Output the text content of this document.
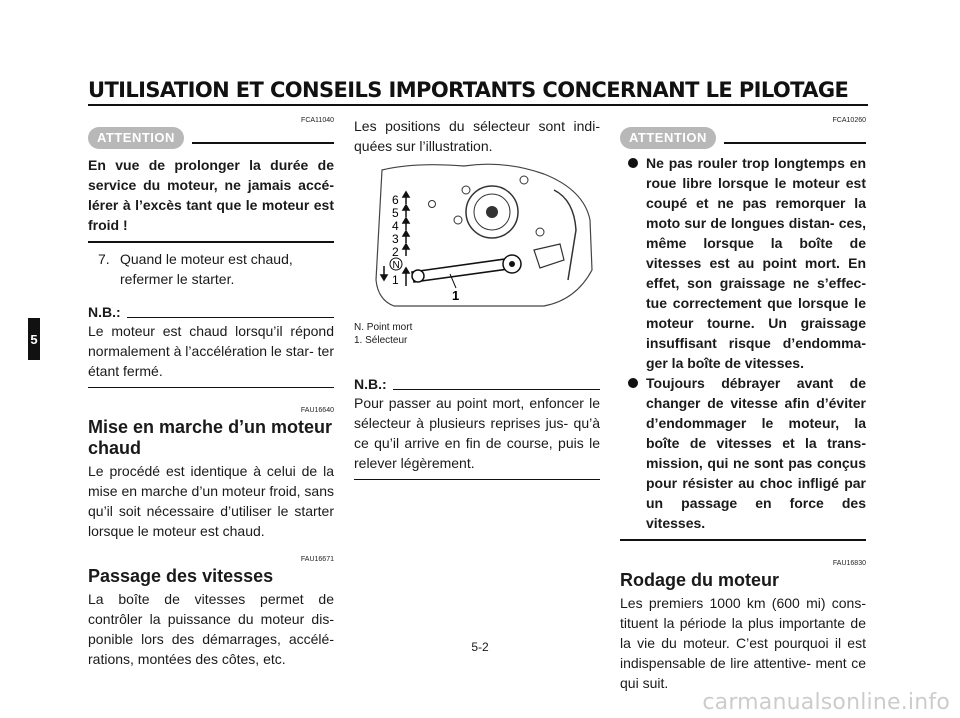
UTILISATION ET CONSEILS IMPORTANTS CONCERNANT LE PILOTAGE
5

FCA11040

ATTENTION

En vue de prolonger la durée de service du moteur, ne jamais accé- lérer à l’excès tant que le moteur est froid !

7. Quand le moteur est chaud, refermer le starter.
N.B.:

Le moteur est chaud lorsqu’il répond normalement à l’accélération le star- ter étant fermé.

FAU16640

Mise en marche d’un moteur chaud

Le procédé est identique à celui de la mise en marche d’un moteur froid, sans qu’il soit nécessaire d’utiliser le starter lorsque le moteur est chaud.

FAU16671

Passage des vitesses

La boîte de vitesses permet de contrôler la puissance du moteur dis- ponible lors des démarrages, accélé- rations, montées des côtes, etc.

Les positions du sélecteur sont indi- quées sur l’illustration.

6
5
4
3
2
N
1
1

N. Point mort

1. Sélecteur

N.B.:

Pour passer au point mort, enfoncer le sélecteur à plusieurs reprises jus- qu’à ce qu’il arrive en fin de course, puis le relever légèrement.

FCA10260

ATTENTION
Ne pas rouler trop longtemps en roue libre lorsque le moteur est coupé et ne pas remorquer la moto sur de longues distan- ces, même lorsque la boîte de vitesses est au point mort. En effet, son graissage ne s’effec- tue correctement que lorsque le moteur tourne. Un graissage insuffisant risque d’endomma- ger la boîte de vitesses.
Toujours débrayer avant de changer de vitesse afin d’éviter d’endommager le moteur, la boîte de vitesses et la trans- mission, qui ne sont pas conçus pour résister au choc infligé par un passage en force des vitesses.

FAU16830

Rodage du moteur

Les premiers 1000 km (600 mi) cons- tituent la période la plus importante de la vie du moteur. C’est pourquoi il est indispensable de lire attentive- ment ce qui suit.

5-2
carmanualsonline.info
